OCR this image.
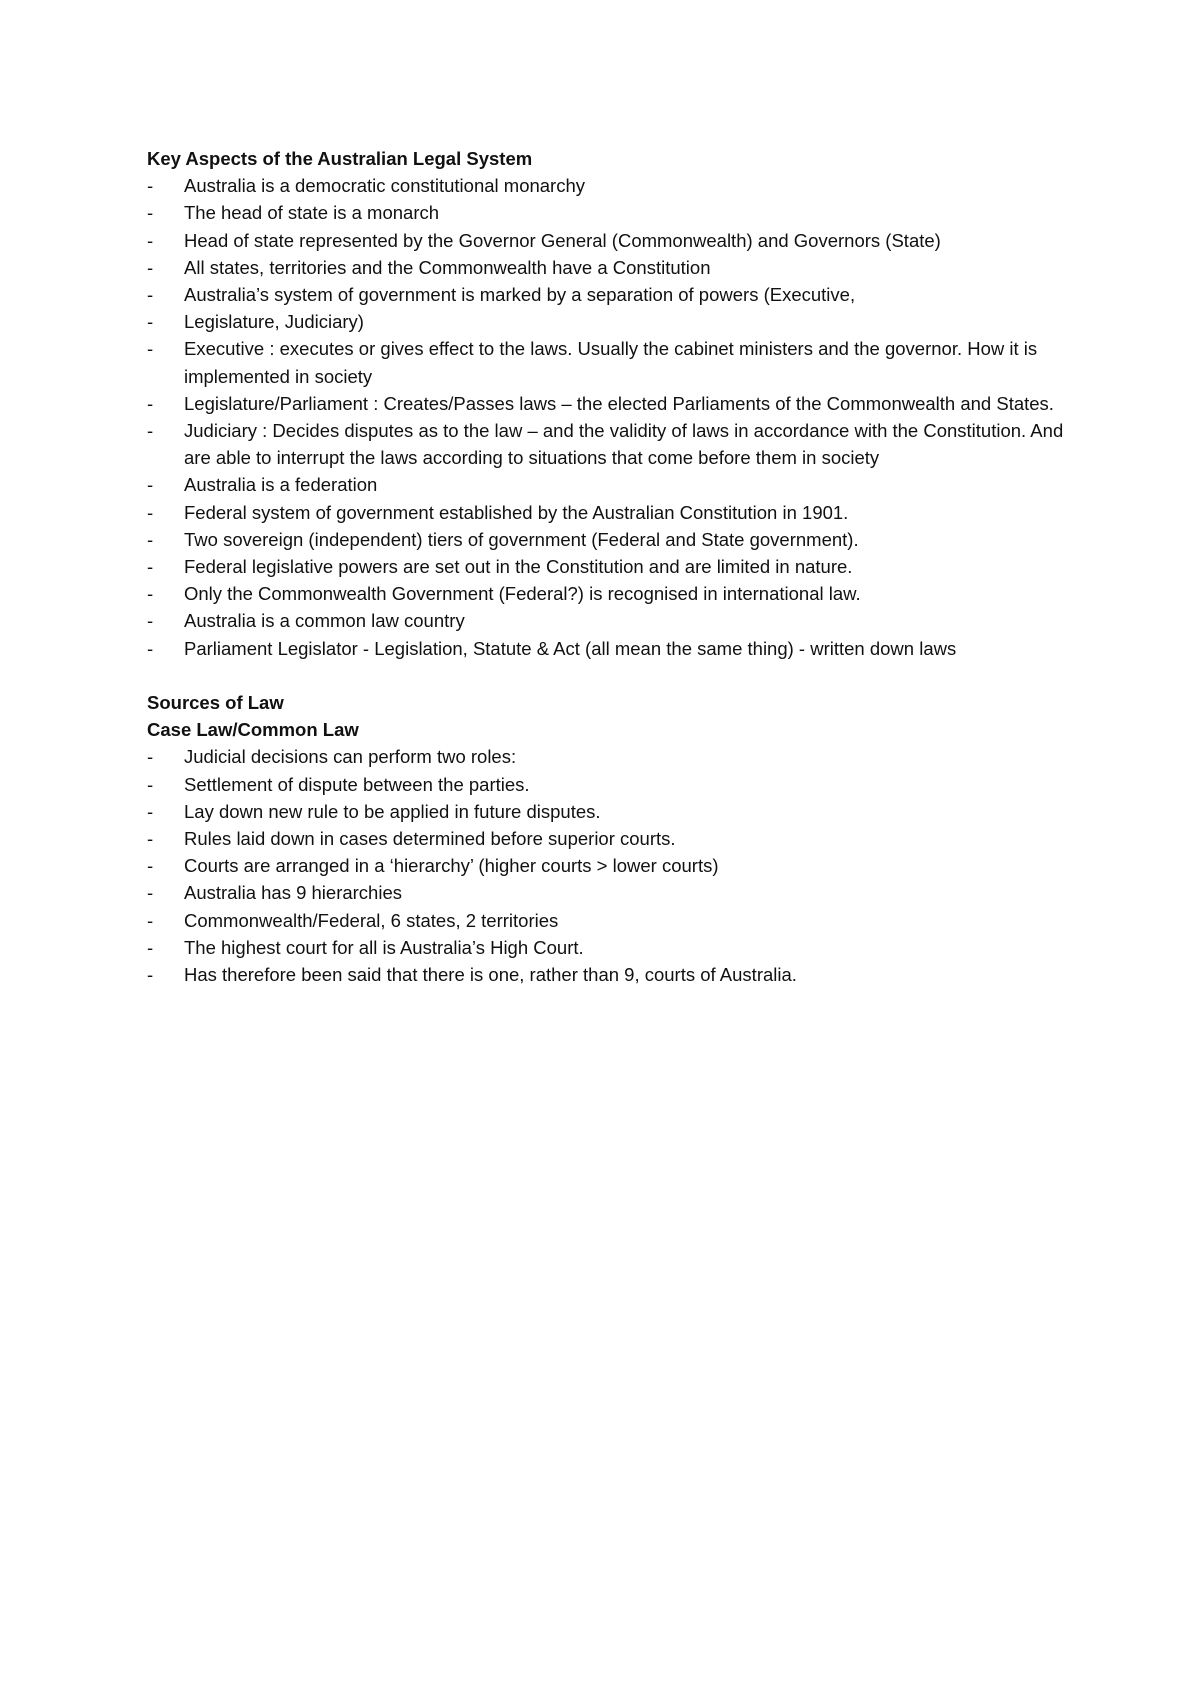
Key Aspects of the Australian Legal System
-	Australia is a democratic constitutional monarchy
-	The head of state is a monarch
-	Head of state represented by the Governor General (Commonwealth) and Governors (State)
-	All states, territories and the Commonwealth have a Constitution
-	Australia’s system of government is marked by a separation of powers (Executive,
-	Legislature, Judiciary)
-	Executive : executes or gives effect to the laws. Usually the cabinet ministers and the governor. How it is implemented in society
-	Legislature/Parliament : Creates/Passes laws – the elected Parliaments of the Commonwealth and States.
-	Judiciary : Decides disputes as to the law – and the validity of laws in accordance with the Constitution. And are able to interrupt the laws according to situations that come before them in society
-	Australia is a federation
-	Federal system of government established by the Australian Constitution in 1901.
-	Two sovereign (independent) tiers of government (Federal and State government).
-	Federal legislative powers are set out in the Constitution and are limited in nature.
-	Only the Commonwealth Government (Federal?) is recognised in international law.
-	Australia is a common law country
-	Parliament Legislator - Legislation, Statute & Act (all mean the same thing) - written down laws
Sources of Law
Case Law/Common Law
-	Judicial decisions can perform two roles:
-	Settlement of dispute between the parties.
-	Lay down new rule to be applied in future disputes.
-	Rules laid down in cases determined before superior courts.
-	Courts are arranged in a ‘hierarchy’ (higher courts > lower courts)
-	Australia has 9 hierarchies
-	Commonwealth/Federal, 6 states, 2 territories
-	The highest court for all is Australia’s High Court.
-	Has therefore been said that there is one, rather than 9, courts of Australia.
